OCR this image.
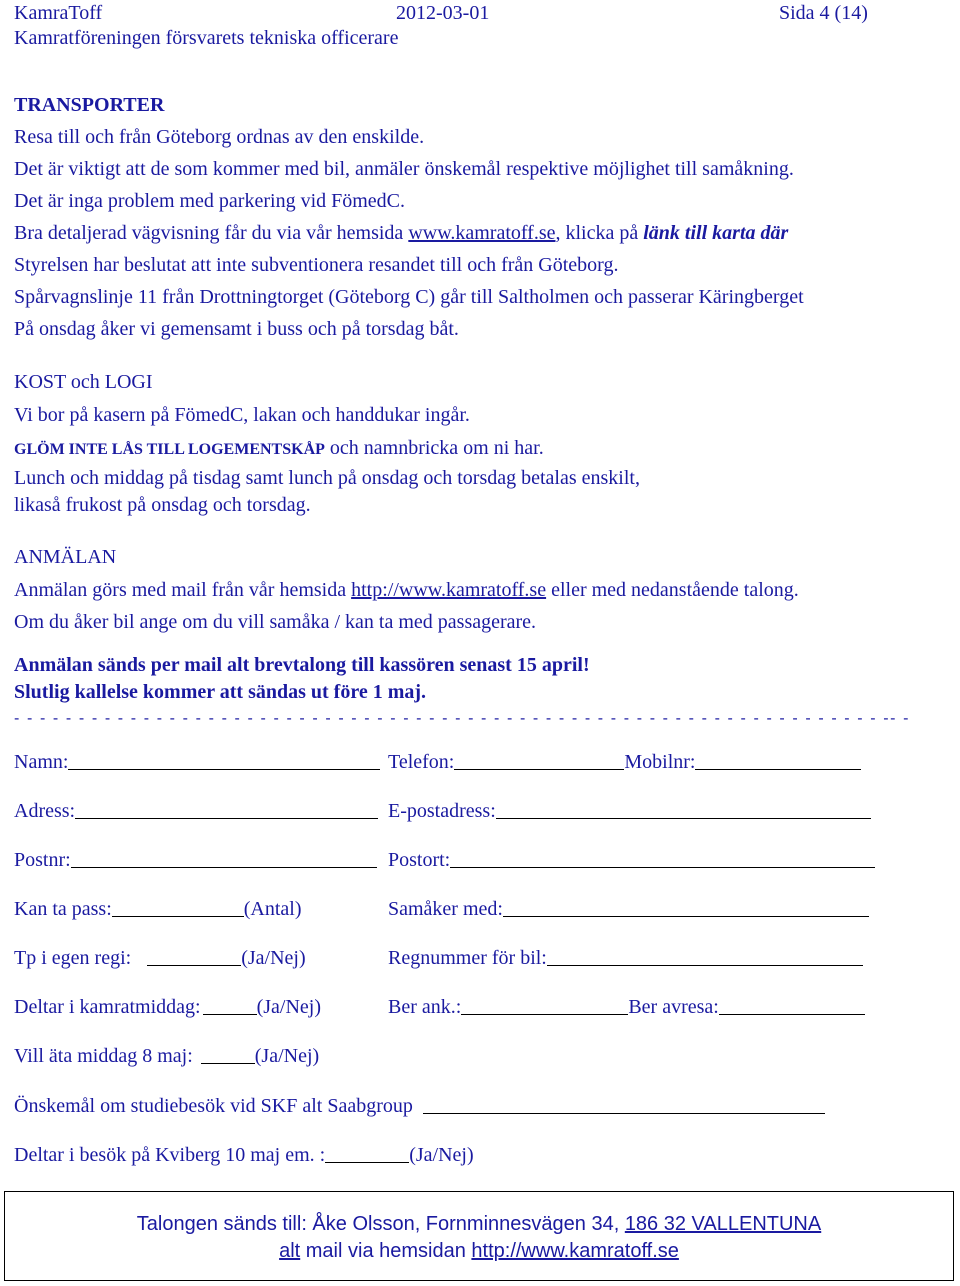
KamraToff	2012-03-01	Sida 4 (14)
Kamratföreningen försvarets tekniska officerare
TRANSPORTER
Resa till och från Göteborg ordnas av den enskilde.
Det är viktigt att de som kommer med bil, anmäler önskemål respektive möjlighet till samåkning.
Det är inga problem med parkering vid FömedC.
Bra detaljerad vägvisning får du via vår hemsida www.kamratoff.se, klicka på länk till karta där
Styrelsen har beslutat att inte subventionera resandet till och från Göteborg.
Spårvagnslinje 11 från Drottningtorget (Göteborg C) går till Saltholmen och passerar Käringberget
På onsdag åker vi gemensamt i buss och på torsdag båt.
KOST och LOGI
Vi bor på kasern på FömedC, lakan och handdukar ingår.
GLÖM INTE LÅS TILL LOGEMENTSKÅP och namnbricka om ni har.
Lunch och middag på tisdag samt lunch på onsdag och torsdag betalas enskilt,
likaså frukost på onsdag och torsdag.
ANMÄLAN
Anmälan görs med mail från vår hemsida http://www.kamratoff.se eller med nedanstående talong.
Om du åker bil ange om du vill samåka / kan ta med passagerare.
Anmälan sänds per mail alt brevtalong till kassören senast 15 april!
Slutlig kallelse kommer att sändas ut före 1 maj.
- - - - - - - - - - - - - - - - - - - - - - - - - - - - - - - - - - - - - - - - - - - - - - - - - - - - - - - - - - - - - - - - - - - -- -
Namn:	Telefon:	Mobilnr:
Adress:	E-postadress:
Postnr:	Postort:
Kan ta pass:	(Antal)	Samåker med:
Tp i egen regi:	(Ja/Nej)	Regnummer för bil:
Deltar i kamratmiddag:	(Ja/Nej)	Ber ank.:	Ber avresa:
Vill äta middag 8 maj:	(Ja/Nej)
Önskemål om studiebesök vid SKF alt Saabgroup
Deltar i besök på Kviberg 10 maj em. :	(Ja/Nej)
Talongen sänds till: Åke Olsson, Fornminnesvägen 34, 186 32 VALLENTUNA
alt mail via hemsidan http://www.kamratoff.se
